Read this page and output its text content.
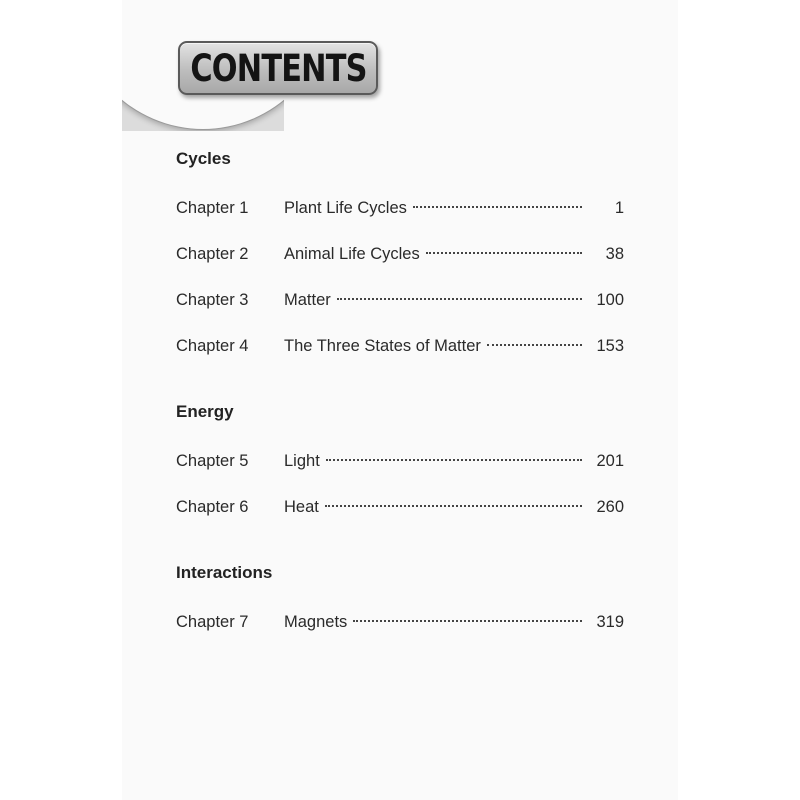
CONTENTS
Cycles
Chapter 1	Plant Life Cycles	1
Chapter 2	Animal Life Cycles	38
Chapter 3	Matter	100
Chapter 4	The Three States of Matter	153
Energy
Chapter 5	Light	201
Chapter 6	Heat	260
Interactions
Chapter 7	Magnets	319
